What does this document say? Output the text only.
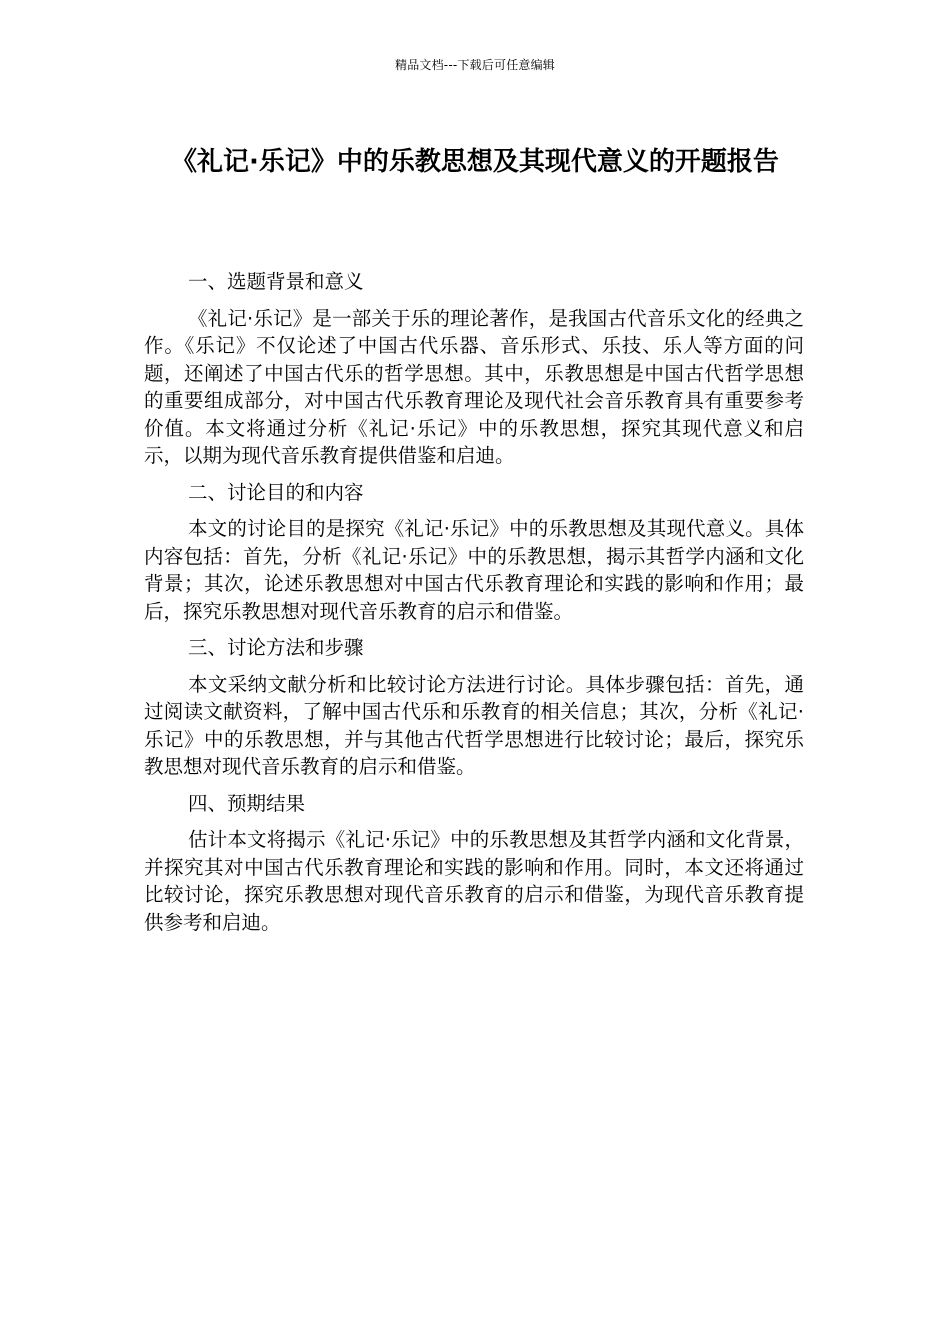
精品文档---下载后可任意编辑
《礼记·乐记》中的乐教思想及其现代意义的开题报告

一、选题背景和意义

《礼记·乐记》是一部关于乐的理论著作，是我国古代音乐文化的经典之作。《乐记》不仅论述了中国古代乐器、音乐形式、乐技、乐人等方面的问题，还阐述了中国古代乐的哲学思想。其中，乐教思想是中国古代哲学思想的重要组成部分，对中国古代乐教育理论及现代社会音乐教育具有重要参考价值。本文将通过分析《礼记·乐记》中的乐教思想，探究其现代意义和启示，以期为现代音乐教育提供借鉴和启迪。

二、讨论目的和内容

本文的讨论目的是探究《礼记·乐记》中的乐教思想及其现代意义。具体内容包括：首先，分析《礼记·乐记》中的乐教思想，揭示其哲学内涵和文化背景；其次，论述乐教思想对中国古代乐教育理论和实践的影响和作用；最后，探究乐教思想对现代音乐教育的启示和借鉴。

三、讨论方法和步骤

本文采纳文献分析和比较讨论方法进行讨论。具体步骤包括：首先，通过阅读文献资料，了解中国古代乐和乐教育的相关信息；其次，分析《礼记·乐记》中的乐教思想，并与其他古代哲学思想进行比较讨论；最后，探究乐教思想对现代音乐教育的启示和借鉴。

四、预期结果

估计本文将揭示《礼记·乐记》中的乐教思想及其哲学内涵和文化背景，并探究其对中国古代乐教育理论和实践的影响和作用。同时，本文还将通过比较讨论，探究乐教思想对现代音乐教育的启示和借鉴，为现代音乐教育提供参考和启迪。
